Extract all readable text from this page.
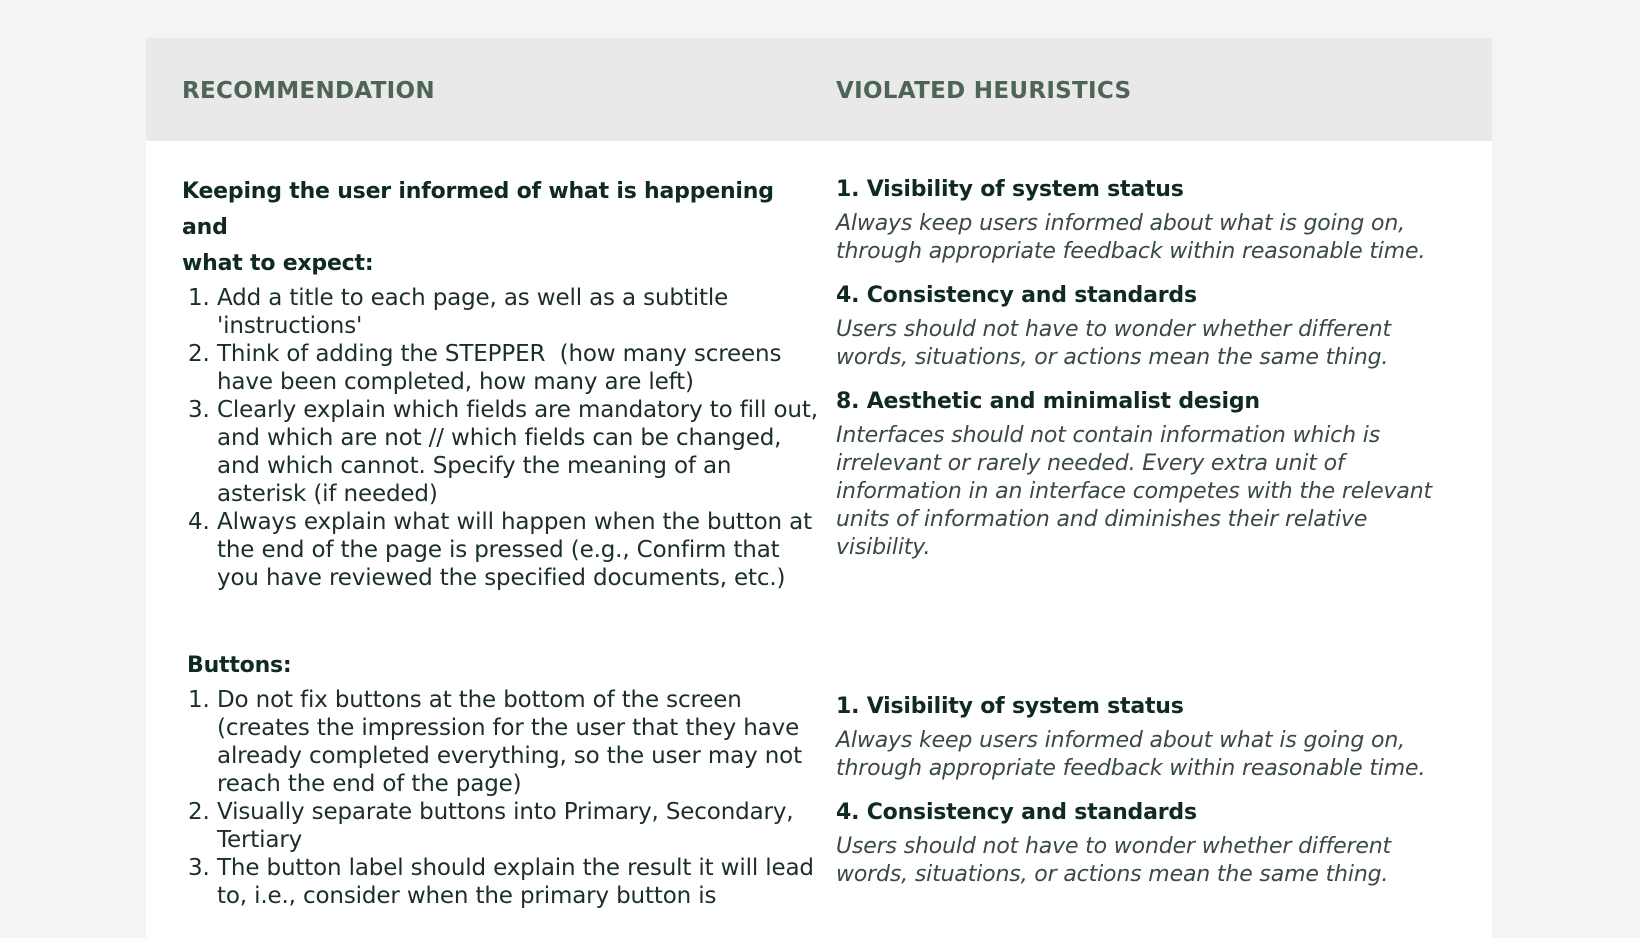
RECOMMENDATION	VIOLATED HEURISTICS

Keeping the user informed of what is happening and
what to expect:

1. Add a title to each page, as well as a subtitle
'instructions'
2. Think of adding the STEPPER  (how many screens
have been completed, how many are left)
3. Clearly explain which fields are mandatory to fill out,
and which are not // which fields can be changed,
and which cannot. Specify the meaning of an
asterisk (if needed)
4. Always explain what will happen when the button at
the end of the page is pressed (e.g., Confirm that
you have reviewed the specified documents, etc.)

1. Visibility of system status

Always keep users informed about what is going on,
through appropriate feedback within reasonable time.

4. Consistency and standards

Users should not have to wonder whether different
words, situations, or actions mean the same thing.

8. Aesthetic and minimalist design

Interfaces should not contain information which is
irrelevant or rarely needed. Every extra unit of
information in an interface competes with the relevant
units of information and diminishes their relative
visibility.

Buttons:

1. Do not fix buttons at the bottom of the screen
(creates the impression for the user that they have
already completed everything, so the user may not
reach the end of the page)
2. Visually separate buttons into Primary, Secondary,
Tertiary
3. The button label should explain the result it will lead
to, i.e., consider when the primary button is

1. Visibility of system status

Always keep users informed about what is going on,
through appropriate feedback within reasonable time.

4. Consistency and standards

Users should not have to wonder whether different
words, situations, or actions mean the same thing.
